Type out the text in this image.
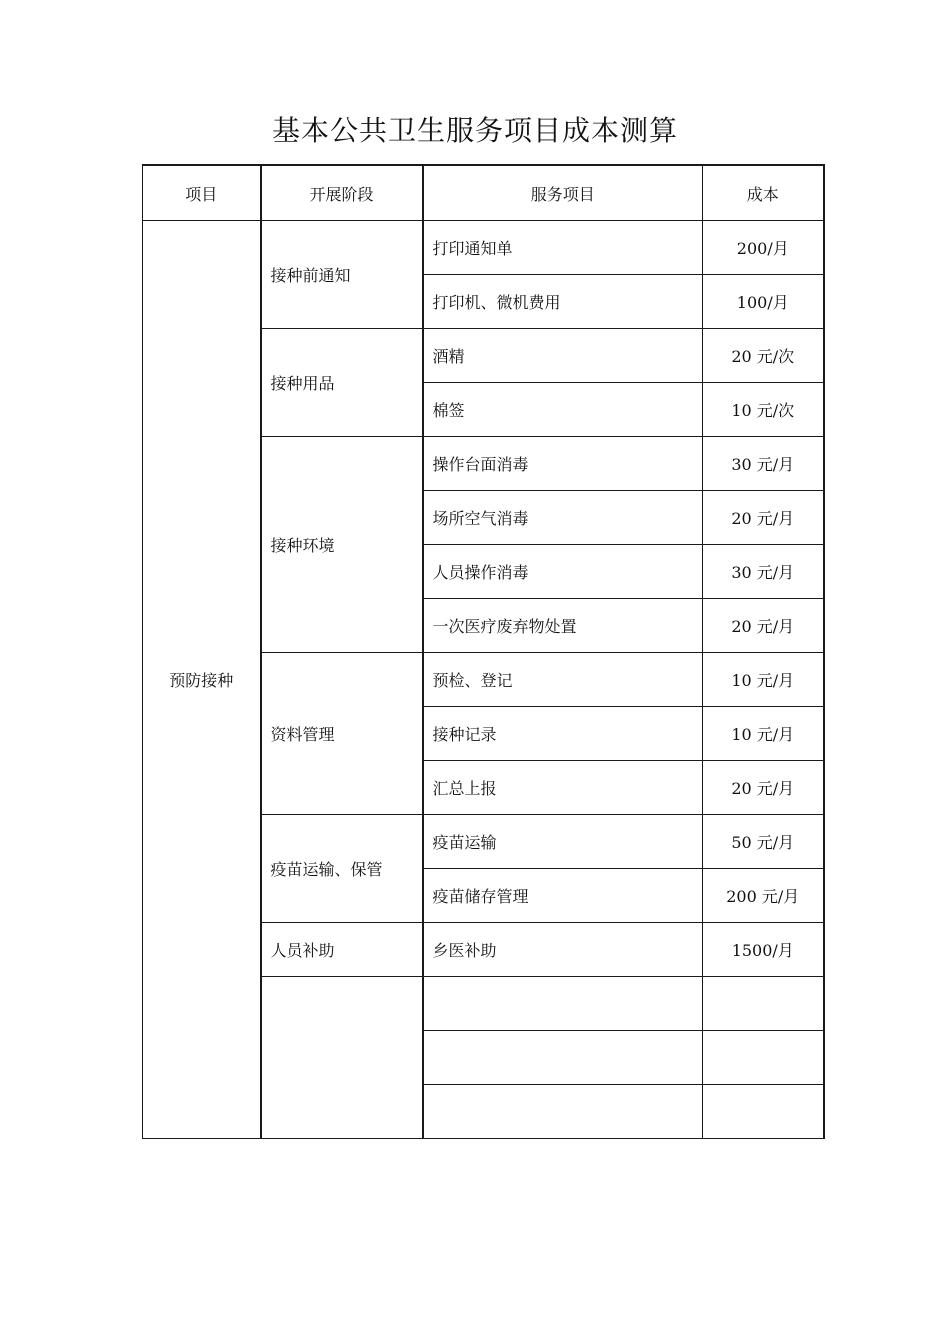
基本公共卫生服务项目成本测算
项目	开展阶段	服务项目	成本
预防接种	接种前通知	打印通知单	200/月
		打印机、微机费用	100/月
	接种用品	酒精	20 元/次
		棉签	10 元/次
	接种环境	操作台面消毒	30 元/月
		场所空气消毒	20 元/月
		人员操作消毒	30 元/月
		一次医疗废弃物处置	20 元/月
	资料管理	预检、登记	10 元/月
		接种记录	10 元/月
		汇总上报	20 元/月
	疫苗运输、保管	疫苗运输	50 元/月
		疫苗储存管理	200 元/月
	人员补助	乡医补助	1500/月
